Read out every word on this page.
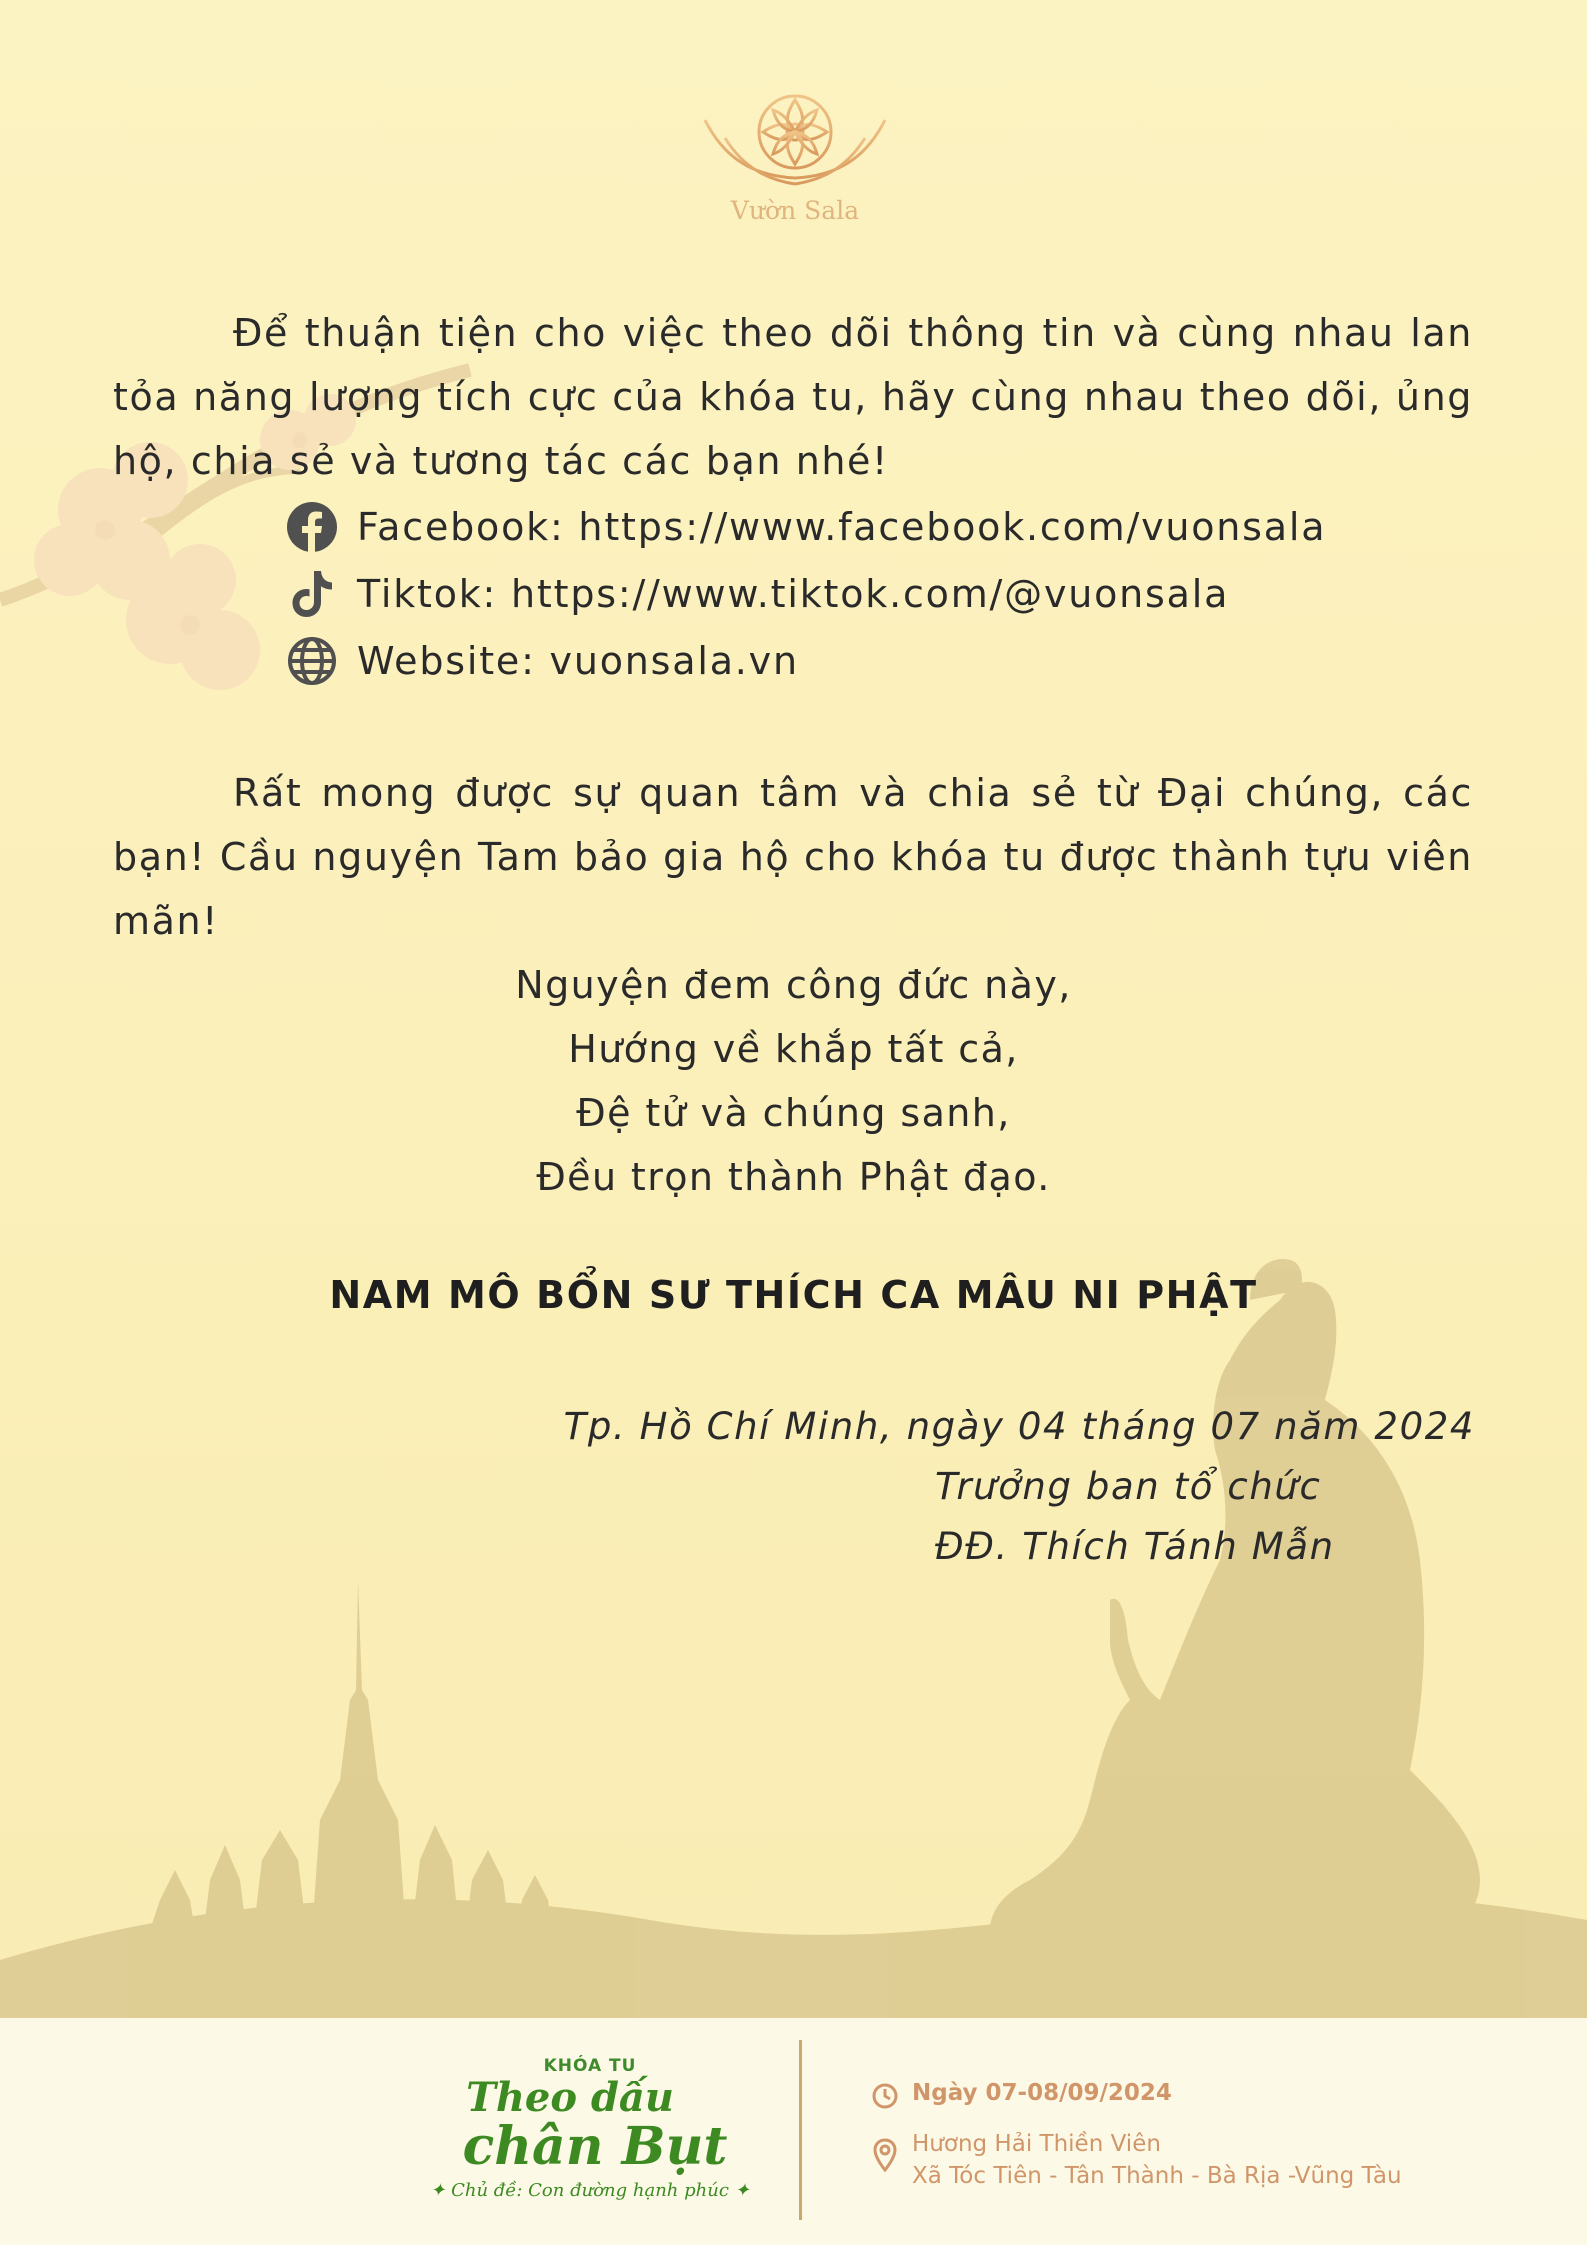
Vườn Sala
Để thuận tiện cho việc theo dõi thông tin và cùng nhau lan tỏa năng lượng tích cực của khóa tu, hãy cùng nhau theo dõi, ủng hộ, chia sẻ và tương tác các bạn nhé!
Facebook: https://www.facebook.com/vuonsala
Tiktok: https://www.tiktok.com/@vuonsala
Website: vuonsala.vn
Rất mong được sự quan tâm và chia sẻ từ Đại chúng, các bạn! Cầu nguyện Tam bảo gia hộ cho khóa tu được thành tựu viên mãn!
Nguyện đem công đức này,
Hướng về khắp tất cả,
Đệ tử và chúng sanh,
Đều trọn thành Phật đạo.
NAM MÔ BỔN SƯ THÍCH CA MÂU NI PHẬT
Tp. Hồ Chí Minh, ngày 04 tháng 07 năm 2024
Trưởng ban tổ chức
ĐĐ. Thích Tánh Mẫn
KHÓA TU
Theo dấu
chân Bụt
✦ Chủ đề: Con đường hạnh phúc ✦
Ngày 07-08/09/2024
Hương Hải Thiền Viên
Xã Tóc Tiên - Tân Thành - Bà Rịa -Vũng Tàu
